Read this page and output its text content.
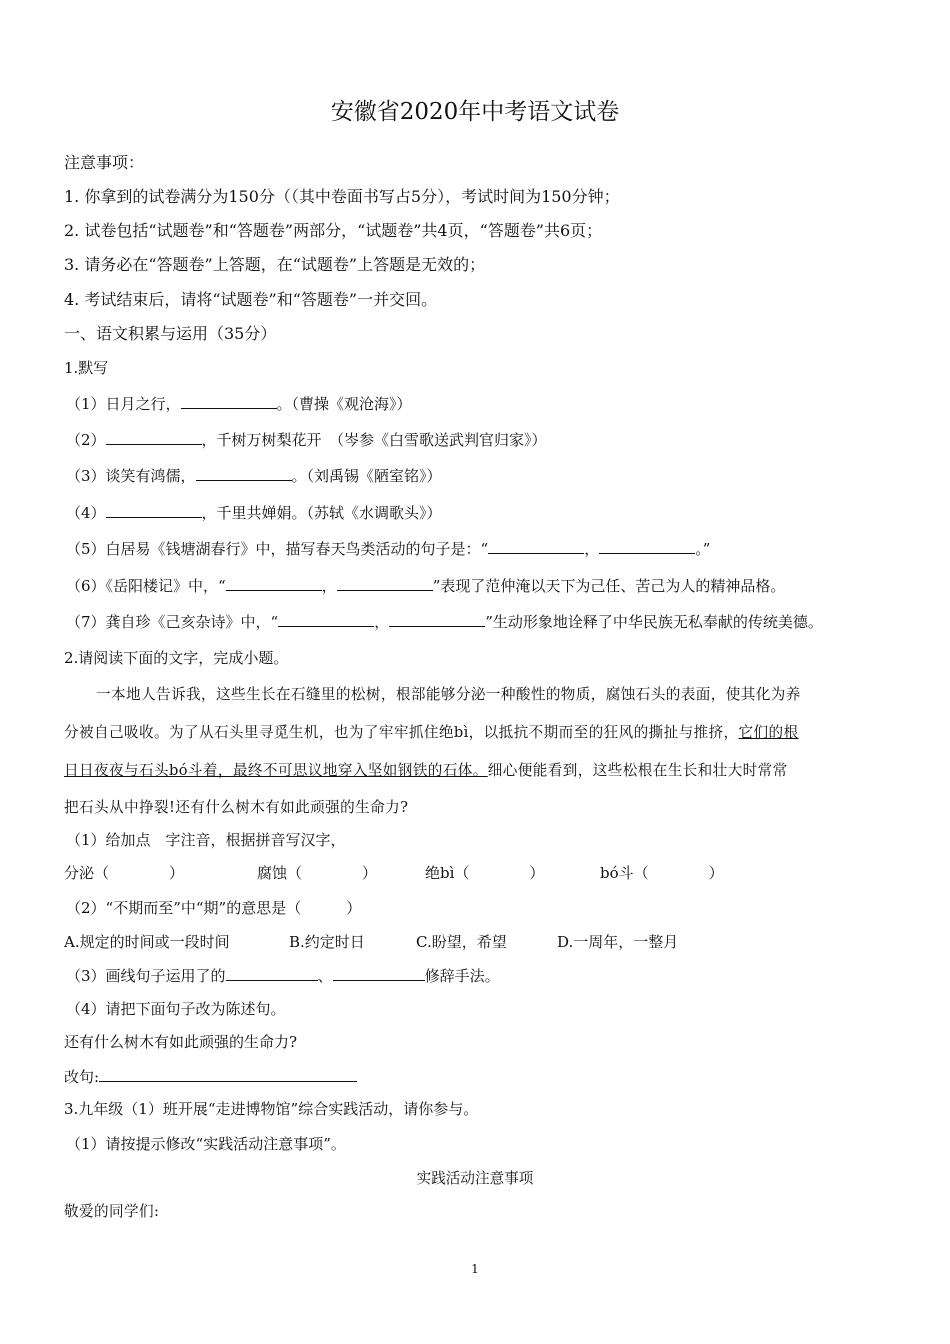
安徽省2020年中考语文试卷
注意事项：
1. 你拿到的试卷满分为150分（（其中卷面书写占5分），考试时间为150分钟；
2. 试卷包括“试题卷”和“答题卷”两部分，“试题卷”共4页，“答题卷”共6页；
3. 请务必在“答题卷”上答题，在“试题卷”上答题是无效的；
4. 考试结束后，请将“试题卷”和“答题卷”一并交回。
一、语文积累与运用（35分）
1.默写
（1）日月之行，	。（曹操《观沧海》）
（2）	，千树万树梨花开　（岑参《白雪歌送武判官归家》）
（3）谈笑有鸿儒，	。（刘禹锡《陋室铭》）
（4）	，千里共婵娟。（苏轼《水调歌头》）
（5）白居易《钱塘湖春行》中，描写春天鸟类活动的句子是：“	，	。”
（6）《岳阳楼记》中，“	，	”表现了范仲淹以天下为己任、苦己为人的精神品格。
（7）龚自珍《己亥杂诗》中，“	，	”生动形象地诠释了中华民族无私奉献的传统美德。
2.请阅读下面的文字，完成小题。
一本地人告诉我，这些生长在石缝里的松树，根部能够分泌一种酸性的物质，腐蚀石头的表面，使其化为养
分被自己吸收。为了从石头里寻觅生机，也为了牢牢抓住绝bì，以抵抗不期而至的狂风的撕扯与推挤，它们的根
日日夜夜与石头bó斗着，最终不可思议地穿入坚如钢铁的石体。细心便能看到，这些松根在生长和壮大时常常
把石头从中挣裂!还有什么树木有如此顽强的生命力?
（1）给加点　字注音，根据拼音写汉字，
分泌（　　　　）	腐蚀（　　　　）	绝bì（　　　　）	bó斗（　　　　）
（2）“不期而至”中“期”的意思是（　　　）
A.规定的时间或一段时间	B.约定时日	C.盼望，希望	D.一周年，一整月
（3）画线句子运用了的	、	修辞手法。
（4）请把下面句子改为陈述句。
还有什么树木有如此顽强的生命力?
改句:
3.九年级（1）班开展“走进博物馆”综合实践活动，请你参与。
（1）请按提示修改“实践活动注意事项”。
实践活动注意事项
敬爱的同学们:
1
